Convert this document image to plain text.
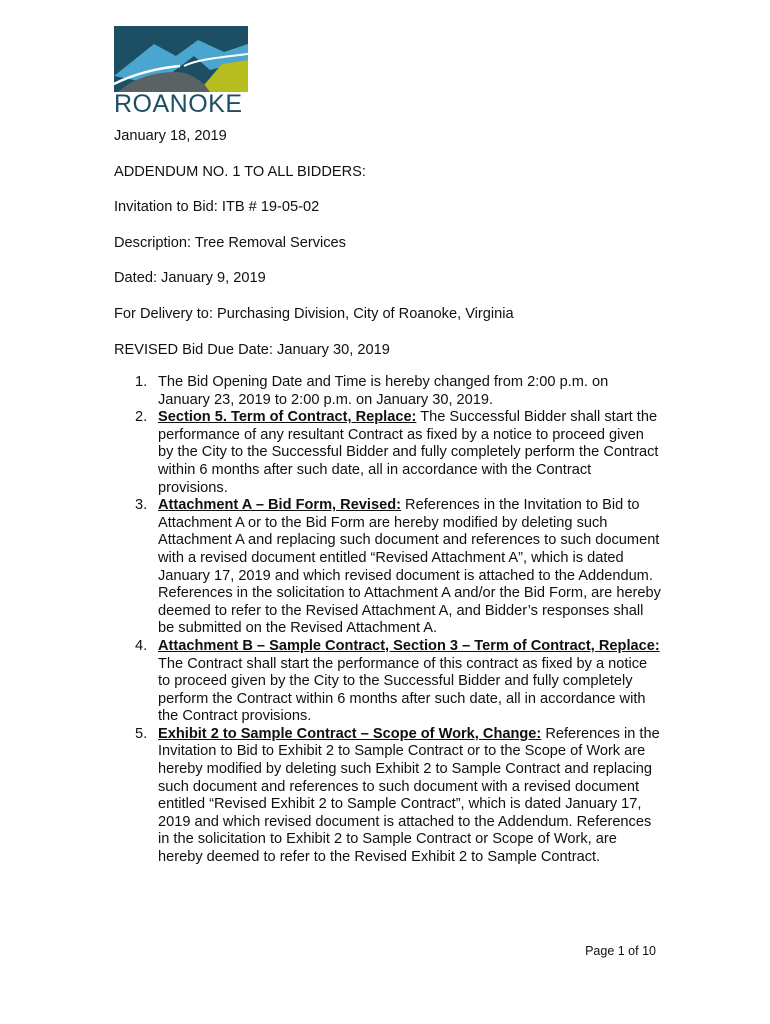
ROANOKE
January 18, 2019
ADDENDUM NO. 1 TO ALL BIDDERS:
Invitation to Bid: ITB # 19-05-02
Description: Tree Removal Services
Dated: January 9, 2019
For Delivery to: Purchasing Division, City of Roanoke, Virginia
REVISED Bid Due Date: January 30, 2019
1. The Bid Opening Date and Time is hereby changed from 2:00 p.m. on January 23, 2019 to 2:00 p.m. on January 30, 2019.
2. Section 5. Term of Contract, Replace: The Successful Bidder shall start the performance of any resultant Contract as fixed by a notice to proceed given by the City to the Successful Bidder and fully completely perform the Contract within 6 months after such date, all in accordance with the Contract provisions.
3. Attachment A – Bid Form, Revised: References in the Invitation to Bid to Attachment A or to the Bid Form are hereby modified by deleting such Attachment A and replacing such document and references to such document with a revised document entitled “Revised Attachment A”, which is dated January 17, 2019 and which revised document is attached to the Addendum. References in the solicitation to Attachment A and/or the Bid Form, are hereby deemed to refer to the Revised Attachment A, and Bidder’s responses shall be submitted on the Revised Attachment A.
4. Attachment B – Sample Contract, Section 3 – Term of Contract, Replace: The Contract shall start the performance of this contract as fixed by a notice to proceed given by the City to the Successful Bidder and fully completely perform the Contract within 6 months after such date, all in accordance with the Contract provisions.
5. Exhibit 2 to Sample Contract – Scope of Work, Change: References in the Invitation to Bid to Exhibit 2 to Sample Contract or to the Scope of Work are hereby modified by deleting such Exhibit 2 to Sample Contract and replacing such document and references to such document with a revised document entitled “Revised Exhibit 2 to Sample Contract”, which is dated January 17, 2019 and which revised document is attached to the Addendum. References in the solicitation to Exhibit 2 to Sample Contract or Scope of Work, are hereby deemed to refer to the Revised Exhibit 2 to Sample Contract.
Page 1 of 10
